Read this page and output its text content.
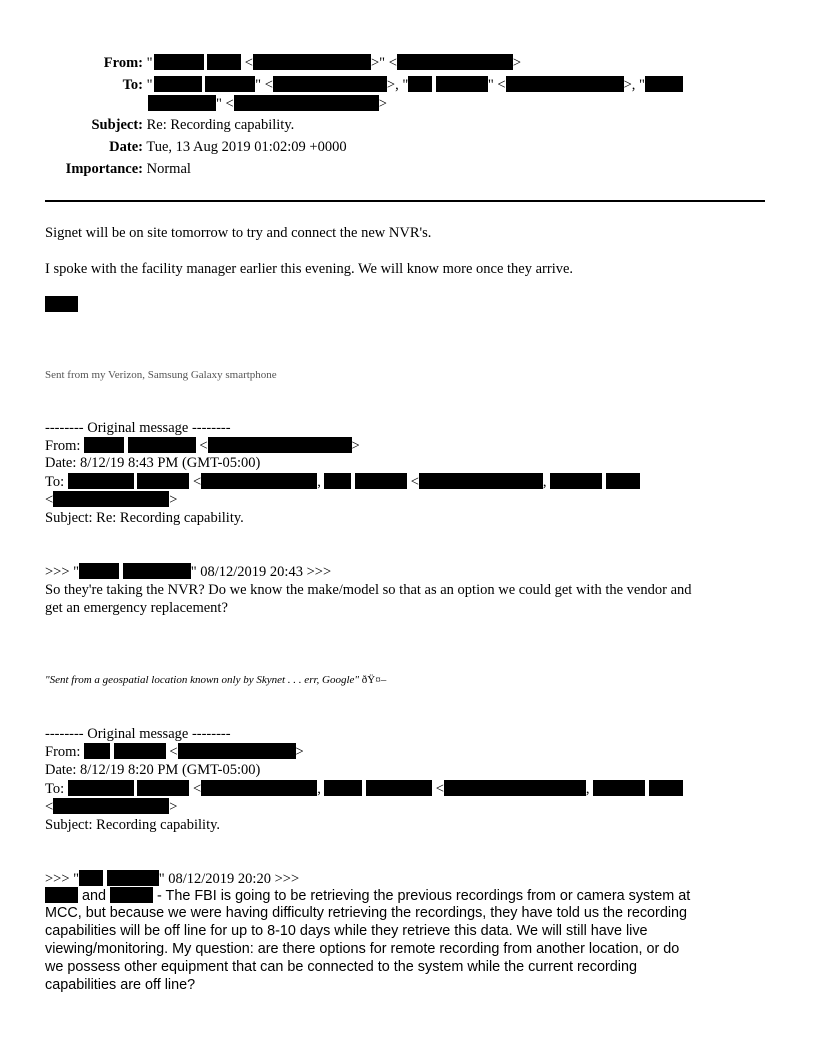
From: "	<	>" <	>
To: "	" <	>, "	" <	>, "
" <	>
Subject: Re: Recording capability.
Date: Tue, 13 Aug 2019 01:02:09 +0000
Importance: Normal
Signet will be on site tomorrow to try and connect the new NVR's.
I spoke with the facility manager earlier this evening. We will know more once they arrive.
Sent from my Verizon, Samsung Galaxy smartphone
-------- Original message --------
From:	<	>
Date: 8/12/19 8:43 PM (GMT-05:00)
To:	<	,	<	,
<	>
Subject: Re: Recording capability.
>>> "	" 08/12/2019 20:43 >>>
So they're taking the NVR? Do we know the make/model so that as an option we could get with the vendor and
get an emergency replacement?
"Sent from a geospatial location known only by Skynet . . . err, Google" ðŸ¤–
-------- Original message --------
From:	<	>
Date: 8/12/19 8:20 PM (GMT-05:00)
To:	<	,	<	,
<	>
Subject: Recording capability.
>>> "	" 08/12/2019 20:20 >>>
and	- The FBI is going to be retrieving the previous recordings from or camera system at
MCC, but because we were having difficulty retrieving the recordings, they have told us the recording
capabilities will be off line for up to 8-10 days while they retrieve this data. We will still have live
viewing/monitoring. My question: are there options for remote recording from another location, or do
we possess other equipment that can be connected to the system while the current recording
capabilities are off line?
